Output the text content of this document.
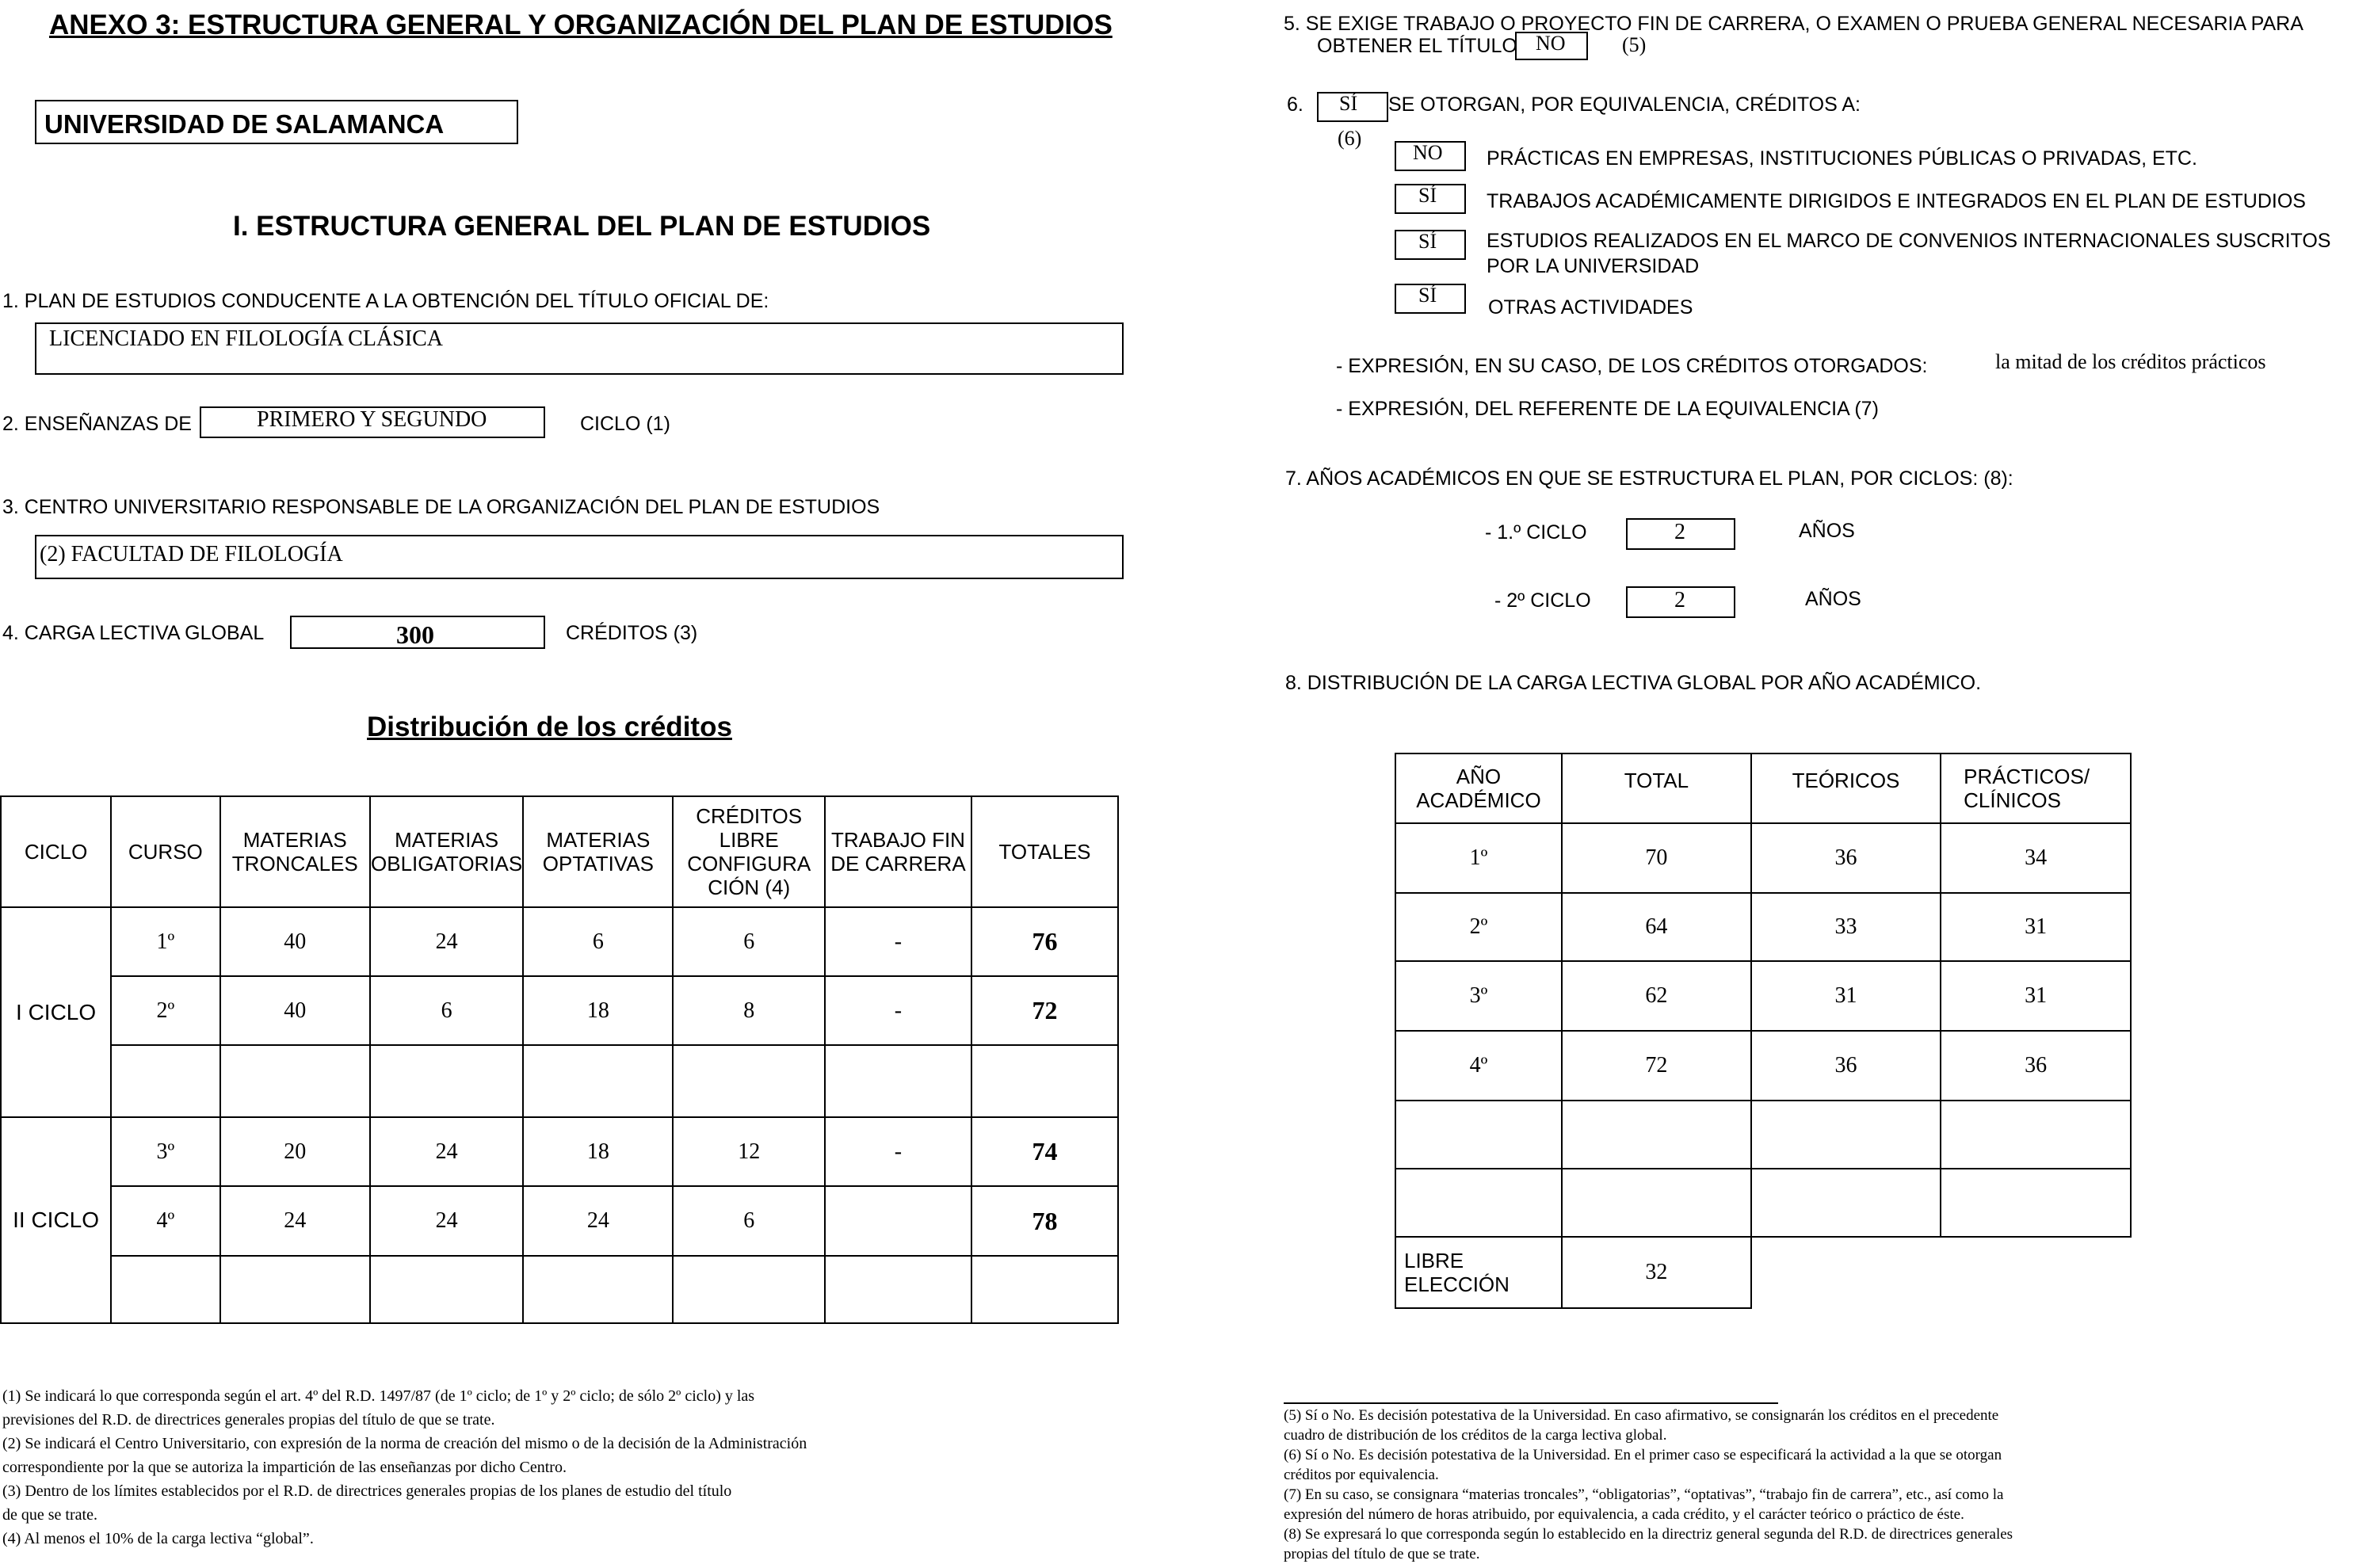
ANEXO 3: ESTRUCTURA GENERAL Y ORGANIZACIÓN DEL PLAN DE ESTUDIOS
UNIVERSIDAD DE SALAMANCA
I. ESTRUCTURA GENERAL DEL PLAN DE ESTUDIOS
1. PLAN DE ESTUDIOS CONDUCENTE A LA OBTENCIÓN DEL TÍTULO OFICIAL DE:
LICENCIADO EN FILOLOGÍA CLÁSICA
2. ENSEÑANZAS DE	PRIMERO Y SEGUNDO	CICLO (1)
3. CENTRO UNIVERSITARIO RESPONSABLE DE LA ORGANIZACIÓN DEL PLAN DE ESTUDIOS
(2) FACULTAD DE FILOLOGÍA
4. CARGA LECTIVA GLOBAL	300	CRÉDITOS (3)
Distribución de los créditos
CICLO	CURSO	MATERIAS TRONCALES	MATERIAS OBLIGATORIAS	MATERIAS OPTATIVAS	CRÉDITOS LIBRE CONFIGURA CIÓN (4)	TRABAJO FIN DE CARRERA	TOTALES
I CICLO	1º	40	24	6	6	-	76
	2º	40	6	18	8	-	72

II CICLO	3º	20	24	18	12	-	74
	4º	24	24	24	6		78

(1) Se indicará lo que corresponda según el art. 4º del R.D. 1497/87 (de 1º ciclo; de 1º y 2º ciclo; de sólo 2º ciclo) y las
previsiones del R.D. de directrices generales propias del título de que se trate.
(2) Se indicará el Centro Universitario, con expresión de la norma de creación del mismo o de la decisión de la Administración
correspondiente por la que se autoriza la impartición de las enseñanzas por dicho Centro.
(3) Dentro de los límites establecidos por el R.D. de directrices generales propias de los planes de estudio del título
de que se trate.
(4) Al menos el 10% de la carga lectiva “global”.
5. SE EXIGE TRABAJO O PROYECTO FIN DE CARRERA, O EXAMEN O PRUEBA GENERAL NECESARIA PARA
OBTENER EL TÍTULO NO	(5)
6. SÍ SE OTORGAN, POR EQUIVALENCIA, CRÉDITOS A:
(6)
NO PRÁCTICAS EN EMPRESAS, INSTITUCIONES PÚBLICAS O PRIVADAS, ETC.
SÍ	TRABAJOS ACADÉMICAMENTE DIRIGIDOS E INTEGRADOS EN EL PLAN DE ESTUDIOS
SÍ	ESTUDIOS REALIZADOS EN EL MARCO DE CONVENIOS INTERNACIONALES SUSCRITOS
POR LA UNIVERSIDAD
SÍ
OTRAS ACTIVIDADES
- EXPRESIÓN, EN SU CASO, DE LOS CRÉDITOS OTORGADOS:	la mitad de los créditos prácticos
- EXPRESIÓN, DEL REFERENTE DE LA EQUIVALENCIA (7)
7. AÑOS ACADÉMICOS EN QUE SE ESTRUCTURA EL PLAN, POR CICLOS: (8):
- 1.º CICLO	2	AÑOS
- 2º CICLO	2	AÑOS
8. DISTRIBUCIÓN DE LA CARGA LECTIVA GLOBAL POR AÑO ACADÉMICO.
AÑO ACADÉMICO	TOTAL	TEÓRICOS	PRÁCTICOS/ CLÍNICOS
1º	70	36	34
2º	64	33	31
3º	62	31	31
4º	72	36	36

LIBRE ELECCIÓN	32		
(5) Sí o No. Es decisión potestativa de la Universidad. En caso afirmativo, se consignarán los créditos en el precedente
cuadro de distribución de los créditos de la carga lectiva global.
(6) Sí o No. Es decisión potestativa de la Universidad. En el primer caso se especificará la actividad a la que se otorgan
créditos por equivalencia.
(7) En su caso, se consignara “materias troncales”, “obligatorias”, “optativas”, “trabajo fin de carrera”, etc., así como la
expresión del número de horas atribuido, por equivalencia, a cada crédito, y el carácter teórico o práctico de éste.
(8) Se expresará lo que corresponda según lo establecido en la directriz general segunda del R.D. de directrices generales
propias del título de que se trate.
